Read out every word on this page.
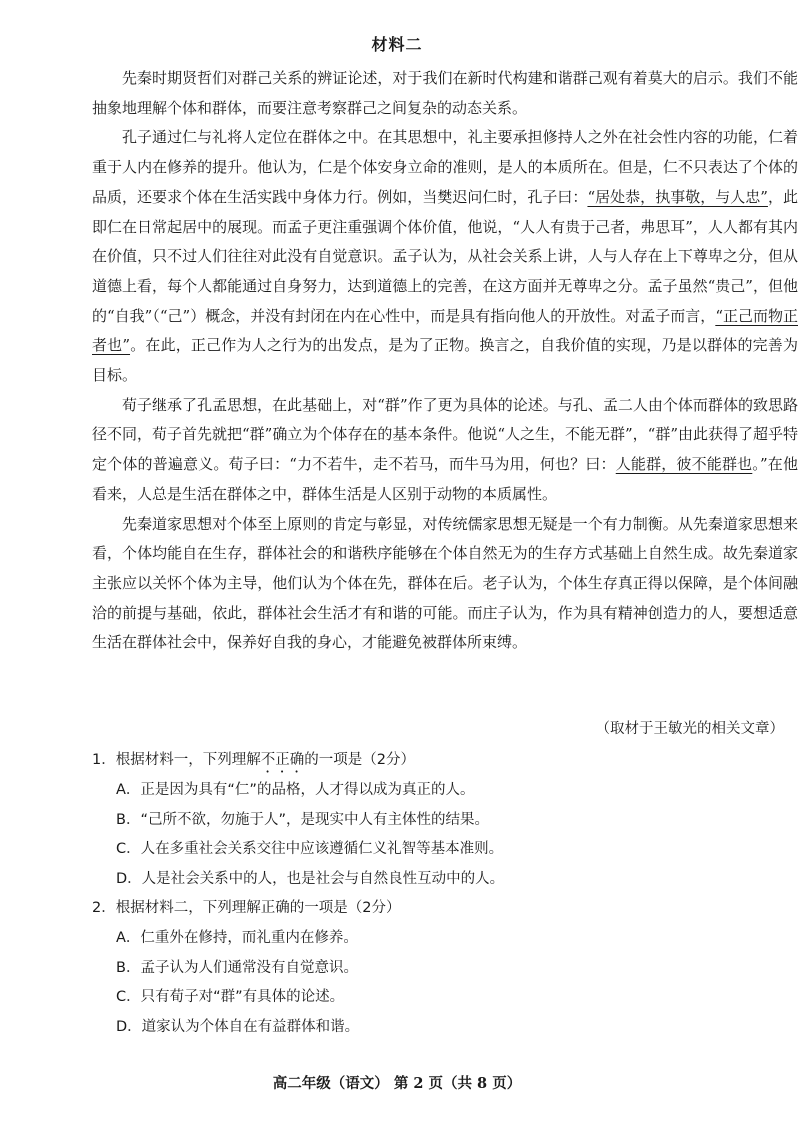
材料二

先秦时期贤哲们对群己关系的辨证论述，对于我们在新时代构建和谐群己观有着莫大的启示。我们不能抽象地理解个体和群体，而要注意考察群己之间复杂的动态关系。

孔子通过仁与礼将人定位在群体之中。在其思想中，礼主要承担修持人之外在社会性内容的功能，仁着重于人内在修养的提升。他认为，仁是个体安身立命的准则，是人的本质所在。但是，仁不只表达了个体的品质，还要求个体在生活实践中身体力行。例如，当樊迟问仁时，孔子曰：“居处恭，执事敬，与人忠”，此即仁在日常起居中的展现。而孟子更注重强调个体价值，他说，“人人有贵于己者，弗思耳”，人人都有其内在价值，只不过人们往往对此没有自觉意识。孟子认为，从社会关系上讲，人与人存在上下尊卑之分，但从道德上看，每个人都能通过自身努力，达到道德上的完善，在这方面并无尊卑之分。孟子虽然“贵己”，但他的“自我”（“己”）概念，并没有封闭在内在心性中，而是具有指向他人的开放性。对孟子而言，“正己而物正者也”。在此，正己作为人之行为的出发点，是为了正物。换言之，自我价值的实现，乃是以群体的完善为目标。

荀子继承了孔孟思想，在此基础上，对“群”作了更为具体的论述。与孔、孟二人由个体而群体的致思路径不同，荀子首先就把“群”确立为个体存在的基本条件。他说“人之生，不能无群”，“群”由此获得了超乎特定个体的普遍意义。荀子曰：“力不若牛，走不若马，而牛马为用，何也？曰：人能群，彼不能群也。”在他看来，人总是生活在群体之中，群体生活是人区别于动物的本质属性。

先秦道家思想对个体至上原则的肯定与彰显，对传统儒家思想无疑是一个有力制衡。从先秦道家思想来看，个体均能自在生存，群体社会的和谐秩序能够在个体自然无为的生存方式基础上自然生成。故先秦道家主张应以关怀个体为主导，他们认为个体在先，群体在后。老子认为，个体生存真正得以保障，是个体间融洽的前提与基础，依此，群体社会生活才有和谐的可能。而庄子认为，作为具有精神创造力的人，要想适意生活在群体社会中，保养好自我的身心，才能避免被群体所束缚。

（取材于王敏光的相关文章）

1．根据材料一，下列理解不正确的一项是（2分）

A．正是因为具有“仁”的品格，人才得以成为真正的人。

B．“己所不欲，勿施于人”，是现实中人有主体性的结果。

C．人在多重社会关系交往中应该遵循仁义礼智等基本准则。

D．人是社会关系中的人，也是社会与自然良性互动中的人。

2．根据材料二，下列理解正确的一项是（2分）

A．仁重外在修持，而礼重内在修养。

B．孟子认为人们通常没有自觉意识。

C．只有荀子对“群”有具体的论述。

D．道家认为个体自在有益群体和谐。

高二年级（语文） 第 2 页（共 8 页）
